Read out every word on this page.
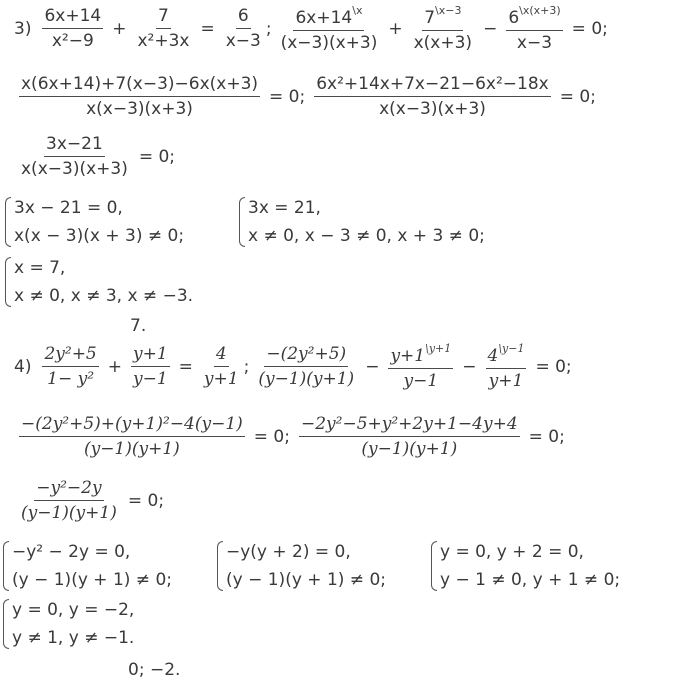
$3) \frac{6x+14}{\text{x²−9}} + \frac{7}{\text{x²+3x}} = \frac{6}{x-3}$ ; $\frac{6x+14^{\backslash x}}{(x-3)(x+3)} + \frac{7^{\backslash x-3}}{x(x+3)} - \frac{6^{\backslash x(x+3)}}{x-3} = 0$;
$\frac{x(6x+14)+7(x-3)-6x(x+3)}{x(x-3)(x+3)} = 0$; $\frac{\text{6x²+14x+7x−21−6x²−18x}}{x(x-3)(x+3)} = 0$;
$\frac{3x-21}{x(x-3)(x+3)} = 0$;
3x − 21 = 0,
x(x − 3)(x + 3) ≠ 0;
3x = 21,
x ≠ 0, x − 3 ≠ 0, x + 3 ≠ 0;
x = 7,
x ≠ 0, x ≠ 3, x ≠ −3.
7.
$4) \frac{\text{2y²+5}}{\text{1− y²}} + \frac{y+1}{y-1} = \frac{4}{y+1}$ ; $\frac{\text{−(2y²+5)}}{(y-1)(y+1)} - \frac{y+1^{\backslash y+1}}{y-1} - \frac{4^{\backslash y-1}}{y+1} = 0$;
$\frac{\text{−(2y²+5)+(y+1)²−4(y−1)}}{(y-1)(y+1)} = 0$; $\frac{\text{−2y²−5+y²+2y+1−4y+4}}{(y-1)(y+1)} = 0$;
$\frac{\text{−y²−2y}}{(y-1)(y+1)} = 0$;
−y² − 2y = 0,
(y − 1)(y + 1) ≠ 0;
−y(y + 2) = 0,
(y − 1)(y + 1) ≠ 0;
y = 0, y + 2 = 0,
y − 1 ≠ 0, y + 1 ≠ 0;
y = 0, y = −2,
y ≠ 1, y ≠ −1.
0; −2.
